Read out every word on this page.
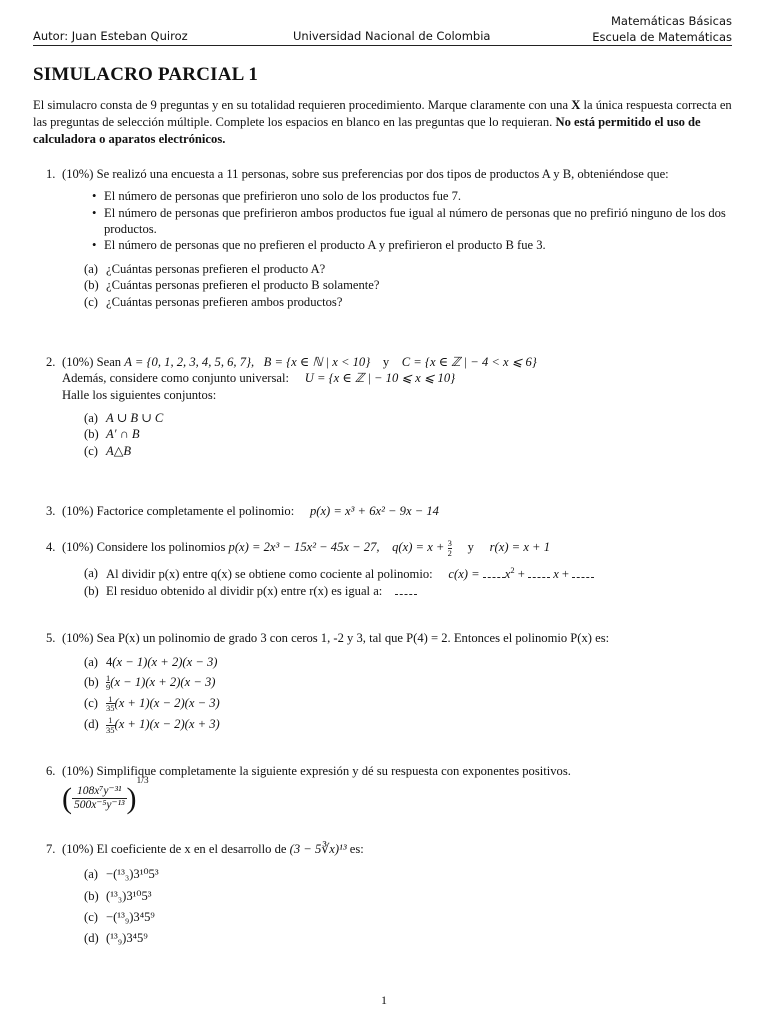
Autor: Juan Esteban Quiroz	Universidad Nacional de Colombia
Matemáticas Básicas
Escuela de Matemáticas
SIMULACRO PARCIAL 1
El simulacro consta de 9 preguntas y en su totalidad requieren procedimiento. Marque claramente con una X la única respuesta correcta en las preguntas de selección múltiple. Complete los espacios en blanco en las preguntas que lo requieran. No está permitido el uso de calculadora o aparatos electrónicos.
1. (10%) Se realizó una encuesta a 11 personas, sobre sus preferencias por dos tipos de productos A y B, obteniéndose que:
• El número de personas que prefirieron uno solo de los productos fue 7.
• El número de personas que prefirieron ambos productos fue igual al número de personas que no prefirió ninguno de los dos productos.
• El número de personas que no prefieren el producto A y prefirieron el producto B fue 3.
(a) ¿Cuántas personas prefieren el producto A?
(b) ¿Cuántas personas prefieren el producto B solamente?
(c) ¿Cuántas personas prefieren ambos productos?
2. (10%) Sean A = {0, 1, 2, 3, 4, 5, 6, 7}, B = {x ∈ ℕ | x < 10} y C = {x ∈ ℤ | − 4 < x ⩽ 6}
Además, considere como conjunto universal: U = {x ∈ ℤ | − 10 ⩽ x ⩽ 10}
Halle los siguientes conjuntos:
(a) A ∪ B ∪ C
(b) A′ ∩ B
(c) A△B
3. (10%) Factorice completamente el polinomio: p(x) = x³ + 6x² − 9x − 14
4. (10%) Considere los polinomios p(x) = 2x³ − 15x² − 45x − 27, $q(x) = x + \frac{3}{2}$ y r(x) = x + 1
(a) Al dividir p(x) entre q(x) se obtiene como cociente al polinomio: $c(x) = x^2 + x$ +
(b) El residuo obtenido al dividir p(x) entre r(x) es igual a:
5. (10%) Sea P(x) un polinomio de grado 3 con ceros 1, -2 y 3, tal que P(4) = 2. Entonces el polinomio P(x) es:
(a) 4(x − 1)(x + 2)(x − 3)
$(b) \frac{1}{9} (x - 1)(x + 2)(x - 3)$
$(c) \frac{1}{35} (x + 1)(x - 2)(x - 3)$
$(d) \frac{1}{35} (x + 1)(x - 2)(x + 3)$
6. (10%) Simplifique completamente la siguiente expresión y dé su respuesta con exponentes positivos.
( $\frac{\text{108x⁷y⁻³¹}}{\text{500x⁻⁵y⁻¹³}} )^{1/3}$
7. (10%) El coeficiente de x en el desarrollo de (3 − 5∛x)¹³ es:
(a) −(¹³₃)3¹⁰5³
(b) (¹³₃)3¹⁰5³
(c) −(¹³₉)3⁴5⁹
(d) (¹³₉)3⁴5⁹
1
